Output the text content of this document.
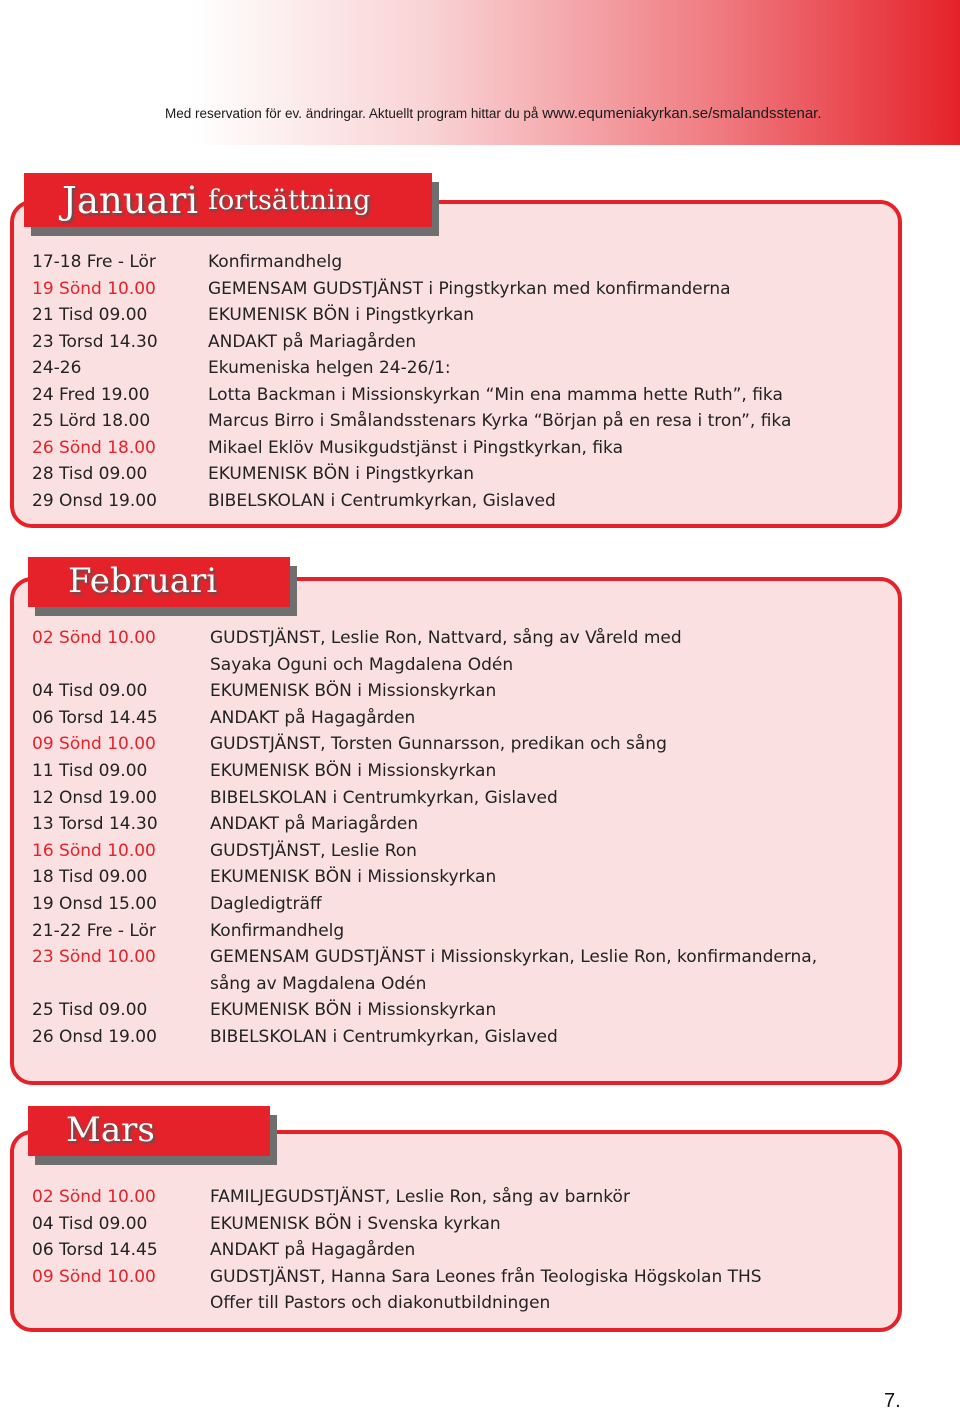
Med reservation för ev. ändringar. Aktuellt program hittar du på www.equmeniakyrkan.se/smalandsstenar.
Januari fortsättning
17-18 Fre - Lör	Konfirmandhelg
19 Sönd 10.00	GEMENSAM GUDSTJÄNST i Pingstkyrkan med konfirmanderna
21 Tisd 09.00	EKUMENISK BÖN i Pingstkyrkan
23 Torsd 14.30	ANDAKT på Mariagården
24-26	Ekumeniska helgen 24-26/1:
24 Fred 19.00	Lotta Backman i Missionskyrkan “Min ena mamma hette Ruth”, fika
25 Lörd 18.00	Marcus Birro i Smålandsstenars Kyrka “Början på en resa i tron”, fika
26 Sönd 18.00	Mikael Eklöv Musikgudstjänst i Pingstkyrkan, fika
28 Tisd 09.00	EKUMENISK BÖN i Pingstkyrkan
29 Onsd 19.00	BIBELSKOLAN i Centrumkyrkan, Gislaved
Februari
02 Sönd 10.00	GUDSTJÄNST, Leslie Ron, Nattvard, sång av Våreld med
Sayaka Oguni och Magdalena Odén
04 Tisd 09.00	EKUMENISK BÖN i Missionskyrkan
06 Torsd 14.45	ANDAKT på Hagagården
09 Sönd 10.00	GUDSTJÄNST, Torsten Gunnarsson, predikan och sång
11 Tisd 09.00	EKUMENISK BÖN i Missionskyrkan
12 Onsd 19.00	BIBELSKOLAN i Centrumkyrkan, Gislaved
13 Torsd 14.30	ANDAKT på Mariagården
16 Sönd 10.00	GUDSTJÄNST, Leslie Ron
18 Tisd 09.00	EKUMENISK BÖN i Missionskyrkan
19 Onsd 15.00	Dagledigträff
21-22 Fre - Lör	Konfirmandhelg
23 Sönd 10.00	GEMENSAM GUDSTJÄNST i Missionskyrkan, Leslie Ron, konfirmanderna,
sång av Magdalena Odén
25 Tisd 09.00	EKUMENISK BÖN i Missionskyrkan
26 Onsd 19.00	BIBELSKOLAN i Centrumkyrkan, Gislaved
Mars
02 Sönd 10.00	FAMILJEGUDSTJÄNST, Leslie Ron, sång av barnkör
04 Tisd 09.00	EKUMENISK BÖN i Svenska kyrkan
06 Torsd 14.45	ANDAKT på Hagagården
09 Sönd 10.00	GUDSTJÄNST, Hanna Sara Leones från Teologiska Högskolan THS
Offer till Pastors och diakonutbildningen
7.
